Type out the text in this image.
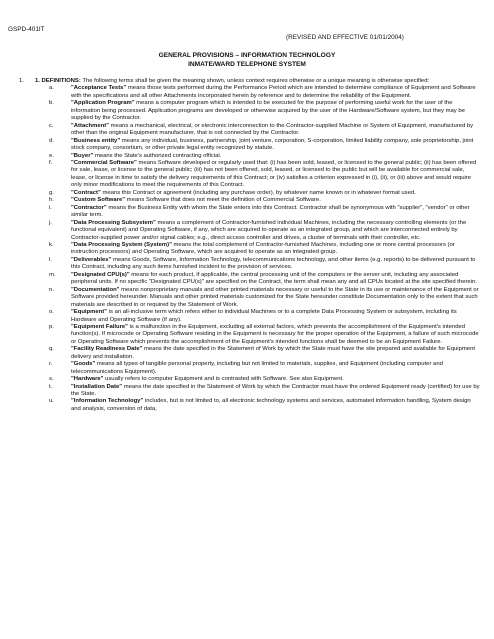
GSPD-401IT
(REVISED AND EFFECTIVE 01/01/2004)
GENERAL PROVISIONS – INFORMATION TECHNOLOGY
INMATE/WARD TELEPHONE SYSTEM
1.	1. DEFINITIONS: The following terms shall be given the meaning shown, unless context requires otherwise or a unique meaning is otherwise specified:
a.	"Acceptance Tests" means those tests performed during the Performance Period which are intended to determine compliance of Equipment and Software with the specifications and all other Attachments incorporated herein by reference and to determine the reliability of the Equipment.
b.	"Application Program" means a computer program which is intended to be executed for the purpose of performing useful work for the user of the information being processed. Application programs are developed or otherwise acquired by the user of the Hardware/Software system, but they may be supplied by the Contractor.
c.	"Attachment" means a mechanical, electrical, or electronic interconnection to the Contractor-supplied Machine or System of Equipment, manufactured by other than the original Equipment manufacturer, that is not connected by the Contractor.
d.	"Business entity" means any individual, business, partnership, joint venture, corporation, S-corporation, limited liability company, sole proprietorship, joint stock company, consortium, or other private legal entity recognized by statute.
e.	"Buyer" means the State's authorized contracting official.
f.	"Commercial Software" means Software developed or regularly used that: (i) has been sold, leased, or licensed to the general public; (ii) has been offered for sale, lease, or license to the general public; (iii) has not been offered, sold, leased, or licensed to the public but will be available for commercial sale, lease, or license in time to satisfy the delivery requirements of this Contract; or (iv) satisfies a criterion expressed in (i), (ii), or (iii) above and would require only minor modifications to meet the requirements of this Contract.
g.	"Contract" means this Contract or agreement (including any purchase order), by whatever name known or in whatever format used.
h.	"Custom Software" means Software that does not meet the definition of Commercial Software.
i.	"Contractor" means the Business Entity with whom the State enters into this Contract. Contractor shall be synonymous with "supplier", "vendor" or other similar term.
j.	"Data Processing Subsystem" means a complement of Contractor-furnished individual Machines, including the necessary controlling elements (or the functional equivalent) and Operating Software, if any, which are acquired to operate as an integrated group, and which are interconnected entirely by Contractor-supplied power and/or signal cables; e.g., direct access controller and drives, a cluster of terminals with their controller, etc.
k.	"Data Processing System (System)" means the total complement of Contractor-furnished Machines, including one or more central processors (or instruction processors) and Operating Software, which are acquired to operate as an integrated group.
l.	"Deliverables" means Goods, Software, Information Technology, telecommunications technology, and other items (e.g. reports) to be delivered pursuant to this Contract, including any such items furnished incident to the provision of services.
m.	"Designated CPU(s)" means for each product, if applicable, the central processing unit of the computers or the server unit, including any associated peripheral units. If no specific "Designated CPU(s)" are specified on the Contract, the term shall mean any and all CPUs located at the site specified therein.
n.	"Documentation" means nonproprietary manuals and other printed materials necessary or useful to the State in its use or maintenance of the Equipment or Software provided hereunder. Manuals and other printed materials customized for the State hereunder constitute Documentation only to the extent that such materials are described in or required by the Statement of Work.
o.	"Equipment" is an all-inclusive term which refers either to individual Machines or to a complete Data Processing System or subsystem, including its Hardware and Operating Software (if any).
p.	"Equipment Failure" is a malfunction in the Equipment, excluding all external factors, which prevents the accomplishment of the Equipment's intended function(s). If microcode or Operating Software residing in the Equipment is necessary for the proper operation of the Equipment, a failure of such microcode or Operating Software which prevents the accomplishment of the Equipment's intended functions shall be deemed to be an Equipment Failure.
q.	"Facility Readiness Date" means the date specified in the Statement of Work by which the State must have the site prepared and available for Equipment delivery and installation.
r.	"Goods" means all types of tangible personal property, including but not limited to materials, supplies, and Equipment (including computer and telecommunications Equipment).
s.	"Hardware" usually refers to computer Equipment and is contrasted with Software. See also Equipment.
t.	"Installation Date" means the date specified in the Statement of Work by which the Contractor must have the ordered Equipment ready (certified) for use by the State.
u.	"Information Technology" includes, but is not limited to, all electronic technology systems and services, automated information handling, System design and analysis, conversion of data,
